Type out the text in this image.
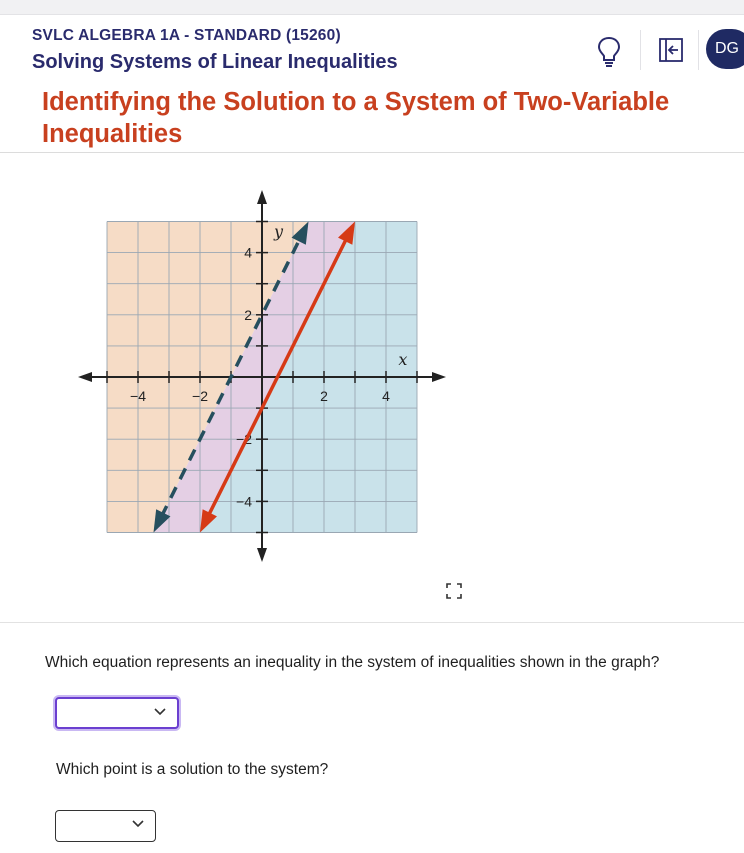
SVLC ALGEBRA 1A - STANDARD (15260)
Solving Systems of Linear Inequalities
DG
Identifying the Solution to a System of Two-Variable Inequalities
−4	−2	2	4
4
2
−2
−4
x
y
Which equation represents an inequality in the system of inequalities shown in the graph?
Which point is a solution to the system?
